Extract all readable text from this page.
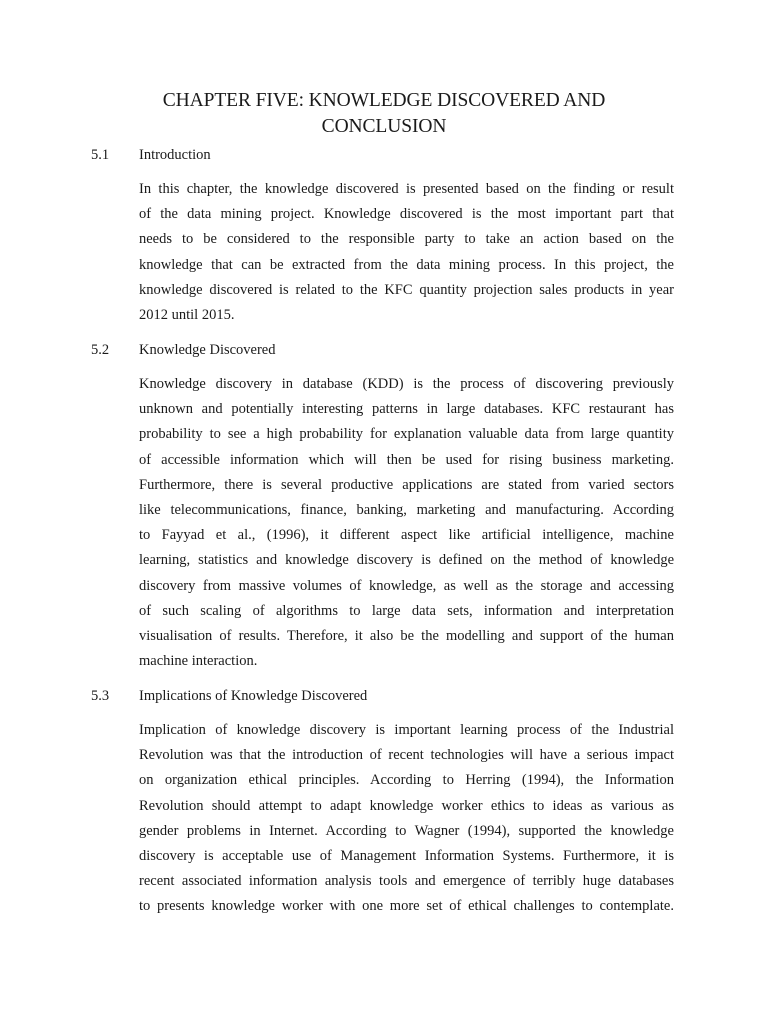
CHAPTER FIVE: KNOWLEDGE DISCOVERED AND
CONCLUSION
5.1	Introduction
In this chapter, the knowledge discovered is presented based on the finding or result
of the data mining project. Knowledge discovered is the most important part that
needs to be considered to the responsible party to take an action based on the
knowledge that can be extracted from the data mining process. In this project, the
knowledge discovered is related to the KFC quantity projection sales products in year
2012 until 2015.
5.2	Knowledge Discovered
Knowledge discovery in database (KDD) is the process of discovering previously
unknown and potentially interesting patterns in large databases. KFC restaurant has
probability to see a high probability for explanation valuable data from large quantity
of accessible information which will then be used for rising business marketing.
Furthermore, there is several productive applications are stated from varied sectors
like telecommunications, finance, banking, marketing and manufacturing. According
to Fayyad et al., (1996), it different aspect like artificial intelligence, machine
learning, statistics and knowledge discovery is defined on the method of knowledge
discovery from massive volumes of knowledge, as well as the storage and accessing
of such scaling of algorithms to large data sets, information and interpretation
visualisation of results. Therefore, it also be the modelling and support of the human
machine interaction.
5.3	Implications of Knowledge Discovered
Implication of knowledge discovery is important learning process of the Industrial
Revolution was that the introduction of recent technologies will have a serious impact
on organization ethical principles. According to Herring (1994), the Information
Revolution should attempt to adapt knowledge worker ethics to ideas as various as
gender problems in Internet. According to Wagner (1994), supported the knowledge
discovery is acceptable use of Management Information Systems. Furthermore, it is
recent associated information analysis tools and emergence of terribly huge databases
to presents knowledge worker with one more set of ethical challenges to contemplate.
